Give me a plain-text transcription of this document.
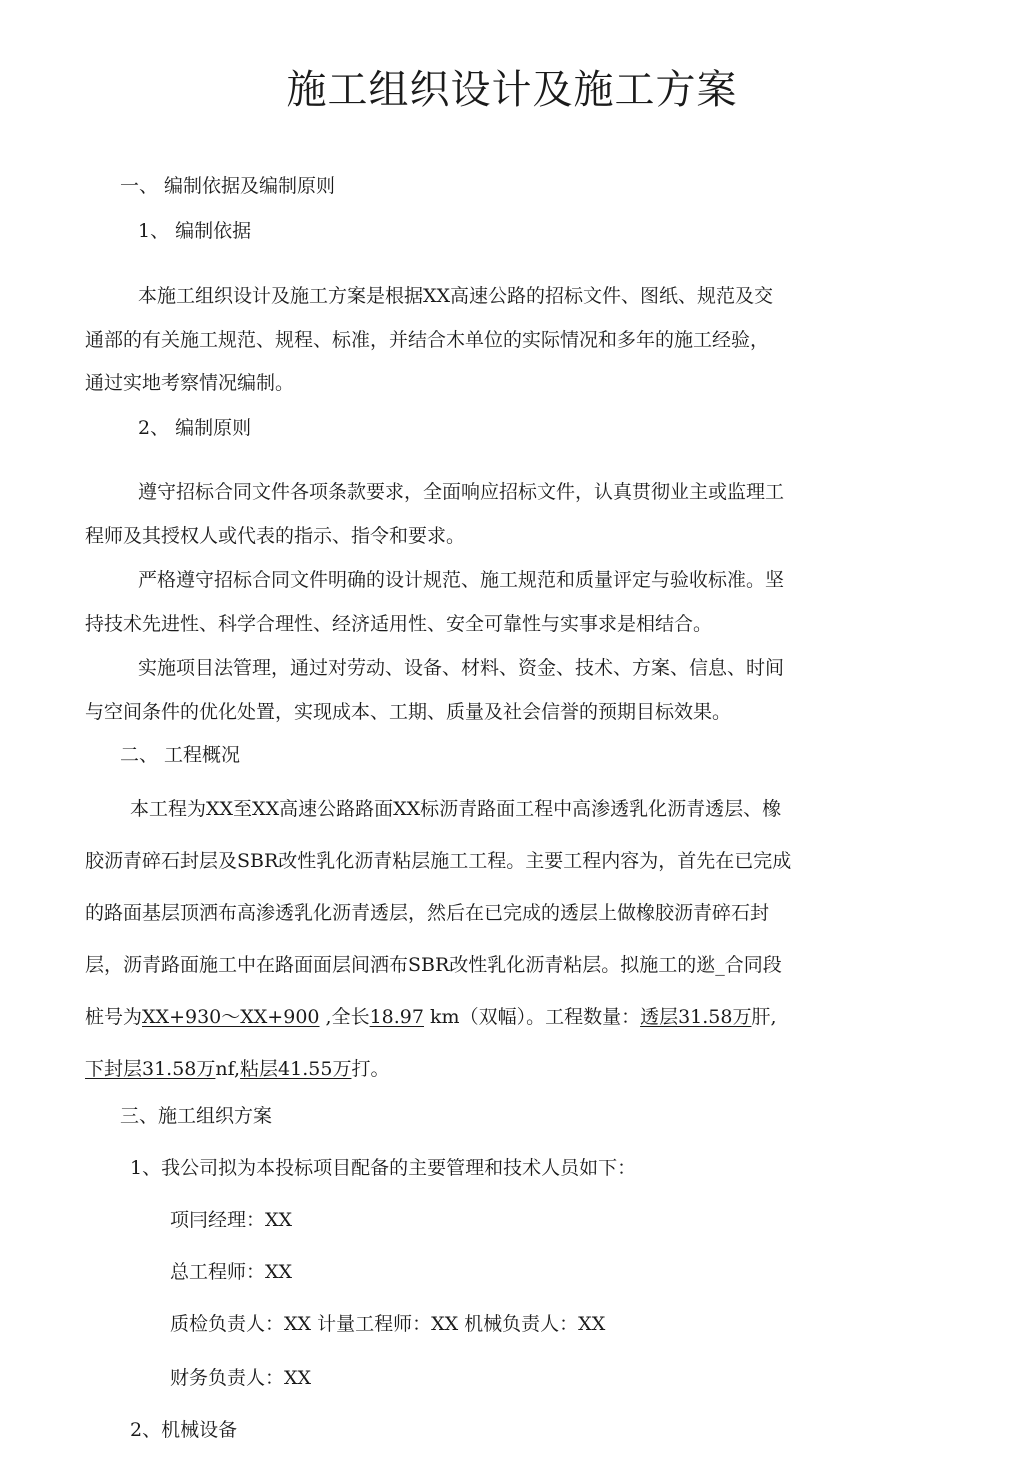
施工组织设计及施工方案

一、 编制依据及编制原则

1、 编制依据

本施工组织设计及施工方案是根据XX高速公路的招标文件、图纸、规范及交

通部的有关施工规范、规程、标准，并结合木单位的实际情况和多年的施工经验，

通过实地考察情况编制。

2、 编制原则

遵守招标合同文件各项条款要求，全面响应招标文件，认真贯彻业主或监理工

程师及其授权人或代表的指示、指令和要求。

严格遵守招标合同文件明确的设计规范、施工规范和质量评定与验收标准。坚

持技术先进性、科学合理性、经济适用性、安全可靠性与实事求是相结合。

实施项目法管理，通过对劳动、设备、材料、资金、技术、方案、信息、时间

与空间条件的优化处置，实现成本、工期、质量及社会信誉的预期目标效果。

二、 工程概况

本工程为XX至XX高速公路路面XX标沥青路面工程中高渗透乳化沥青透层、橡

胶沥青碎石封层及SBR改性乳化沥青粘层施工工程。主要工程内容为，首先在已完成

的路面基层顶洒布高渗透乳化沥青透层，然后在已完成的透层上做橡胶沥青碎石封

层，沥青路面施工中在路面面层间洒布SBR改性乳化沥青粘层。拟施工的逖_合同段

桩号为XX+930～XX+900 ,全长18.97 km（双幅）。工程数量：透层31.58万肝,

下封层31.58万nf,粘层41.55万打。

三、施工组织方案

1、我公司拟为本投标项目配备的主要管理和技术人员如下：

项冃经理：XX

总工程师：XX

质检负责人：XX 计量工程师：XX 机械负责人：XX

财务负责人：XX

2、机械设备
